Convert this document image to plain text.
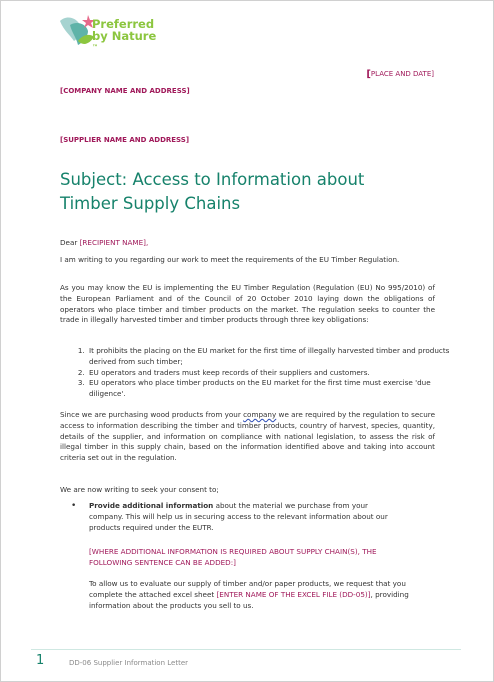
Preferred
by Nature
™
[PLACE AND DATE]
[COMPANY NAME AND ADDRESS]
[SUPPLIER NAME AND ADDRESS]
Subject: Access to Information about
Timber Supply Chains
Dear [RECIPIENT NAME],
I am writing to you regarding our work to meet the requirements of the EU Timber Regulation.
As you may know the EU is implementing the EU Timber Regulation (Regulation (EU) No 995/2010) of the European Parliament and of the Council of 20 October 2010 laying down the obligations of operators who place timber and timber products on the market. The regulation seeks to counter the trade in illegally harvested timber and timber products through three key obligations:
1. It prohibits the placing on the EU market for the first time of illegally harvested timber and products derived from such timber;
2. EU operators and traders must keep records of their suppliers and customers.
3. EU operators who place timber products on the EU market for the first time must exercise 'due diligence'.
Since we are purchasing wood products from your company we are required by the regulation to secure access to information describing the timber and timber products, country of harvest, species, quantity, details of the supplier, and information on compliance with national legislation, to assess the risk of illegal timber in this supply chain, based on the information identified above and taking into account criteria set out in the regulation.
We are now writing to seek your consent to;
• Provide additional information about the material we purchase from your company. This will help us in securing access to the relevant information about our products required under the EUTR.
[WHERE ADDITIONAL INFORMATION IS REQUIRED ABOUT SUPPLY CHAIN(S), THE FOLLOWING SENTENCE CAN BE ADDED:]
To allow us to evaluate our supply of timber and/or paper products, we request that you complete the attached excel sheet [ENTER NAME OF THE EXCEL FILE (DD-05)], providing information about the products you sell to us.
1	DD-06 Supplier Information Letter
